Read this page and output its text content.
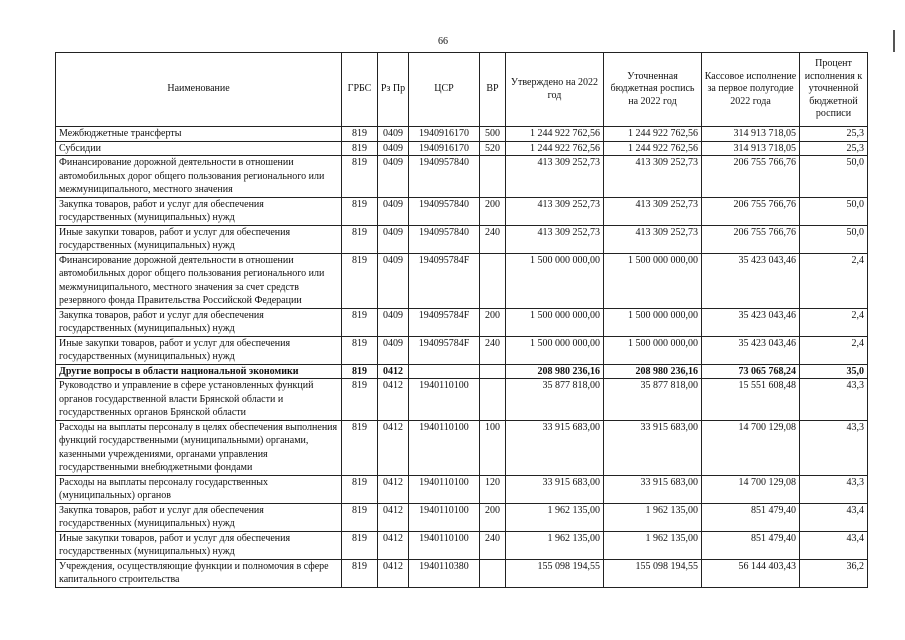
66
Наименование	ГРБС	Рз Пр	ЦСР	ВР	Утверждено на 2022 год	Уточненная бюджетная роспись на 2022 год	Кассовое исполнение за первое полугодие 2022 года	Процент исполнения к уточненной бюджетной росписи
Межбюджетные трансферты	819	0409	1940916170	500	1 244 922 762,56	1 244 922 762,56	314 913 718,05	25,3
Субсидии	819	0409	1940916170	520	1 244 922 762,56	1 244 922 762,56	314 913 718,05	25,3
Финансирование дорожной деятельности в отношении автомобильных дорог общего пользования регионального или межмуниципального, местного значения	819	0409	1940957840		413 309 252,73	413 309 252,73	206 755 766,76	50,0
Закупка товаров, работ и услуг для обеспечения государственных (муниципальных) нужд	819	0409	1940957840	200	413 309 252,73	413 309 252,73	206 755 766,76	50,0
Иные закупки товаров, работ и услуг для обеспечения государственных (муниципальных) нужд	819	0409	1940957840	240	413 309 252,73	413 309 252,73	206 755 766,76	50,0
Финансирование дорожной деятельности в отношении автомобильных дорог общего пользования регионального или межмуниципального, местного значения за счет средств резервного фонда Правительства Российской Федерации	819	0409	194095784F		1 500 000 000,00	1 500 000 000,00	35 423 043,46	2,4
Закупка товаров, работ и услуг для обеспечения государственных (муниципальных) нужд	819	0409	194095784F	200	1 500 000 000,00	1 500 000 000,00	35 423 043,46	2,4
Иные закупки товаров, работ и услуг для обеспечения государственных (муниципальных) нужд	819	0409	194095784F	240	1 500 000 000,00	1 500 000 000,00	35 423 043,46	2,4
Другие вопросы в области национальной экономики	819	0412			208 980 236,16	208 980 236,16	73 065 768,24	35,0
Руководство и управление в сфере установленных функций органов государственной власти Брянской области и государственных органов Брянской области	819	0412	1940110100		35 877 818,00	35 877 818,00	15 551 608,48	43,3
Расходы на выплаты персоналу в целях обеспечения выполнения функций государственными (муниципальными) органами, казенными учреждениями, органами управления государственными внебюджетными фондами	819	0412	1940110100	100	33 915 683,00	33 915 683,00	14 700 129,08	43,3
Расходы на выплаты персоналу государственных (муниципальных) органов	819	0412	1940110100	120	33 915 683,00	33 915 683,00	14 700 129,08	43,3
Закупка товаров, работ и услуг для обеспечения государственных (муниципальных) нужд	819	0412	1940110100	200	1 962 135,00	1 962 135,00	851 479,40	43,4
Иные закупки товаров, работ и услуг для обеспечения государственных (муниципальных) нужд	819	0412	1940110100	240	1 962 135,00	1 962 135,00	851 479,40	43,4
Учреждения, осуществляющие функции и полномочия в сфере капитального строительства	819	0412	1940110380		155 098 194,55	155 098 194,55	56 144 403,43	36,2
